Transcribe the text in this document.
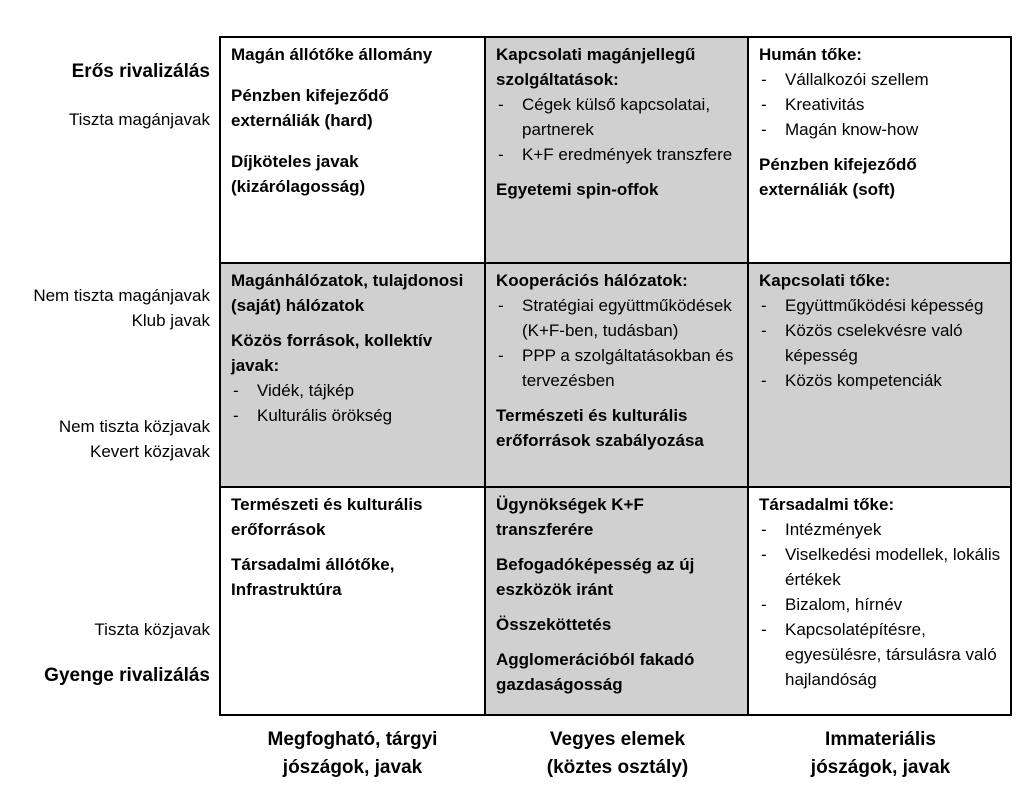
Erős rivalizálás
Tiszta magánjavak
Nem tiszta magánjavak
Klub javak
Nem tiszta közjavak
Kevert közjavak
Tiszta közjavak
Gyenge rivalizálás
Magán állótőke állomány
Pénzben kifejeződő externáliák (hard)
Díjköteles javak (kizárólagosság)
Kapcsolati magánjellegű szolgáltatások:
- Cégek külső kapcsolatai, partnerek
- K+F eredmények transzfere
Egyetemi spin-offok
Humán tőke:
- Vállalkozói szellem
- Kreativitás
- Magán know-how
Pénzben kifejeződő externáliák (soft)
Magánhálózatok, tulajdonosi (saját) hálózatok
Közös források, kollektív javak:
- Vidék, tájkép
- Kulturális örökség
Kooperációs hálózatok:
- Stratégiai együttműködések (K+F-ben, tudásban)
- PPP a szolgáltatásokban és tervezésben
Természeti és kulturális erőforrások szabályozása
Kapcsolati tőke:
- Együttműködési képesség
- Közös cselekvésre való képesség
- Közös kompetenciák
Természeti és kulturális erőforrások
Társadalmi állótőke, Infrastruktúra
Ügynökségek K+F transzferére
Befogadóképesség az új eszközök iránt
Összeköttetés
Agglomerációból fakadó gazdaságosság
Társadalmi tőke:
- Intézmények
- Viselkedési modellek, lokális értékek
- Bizalom, hírnév
- Kapcsolatépítésre, egyesülésre, társulásra való hajlandóság
Megfogható, tárgyi
jószágok, javak
Vegyes elemek
(köztes osztály)
Immateriális
jószágok, javak
